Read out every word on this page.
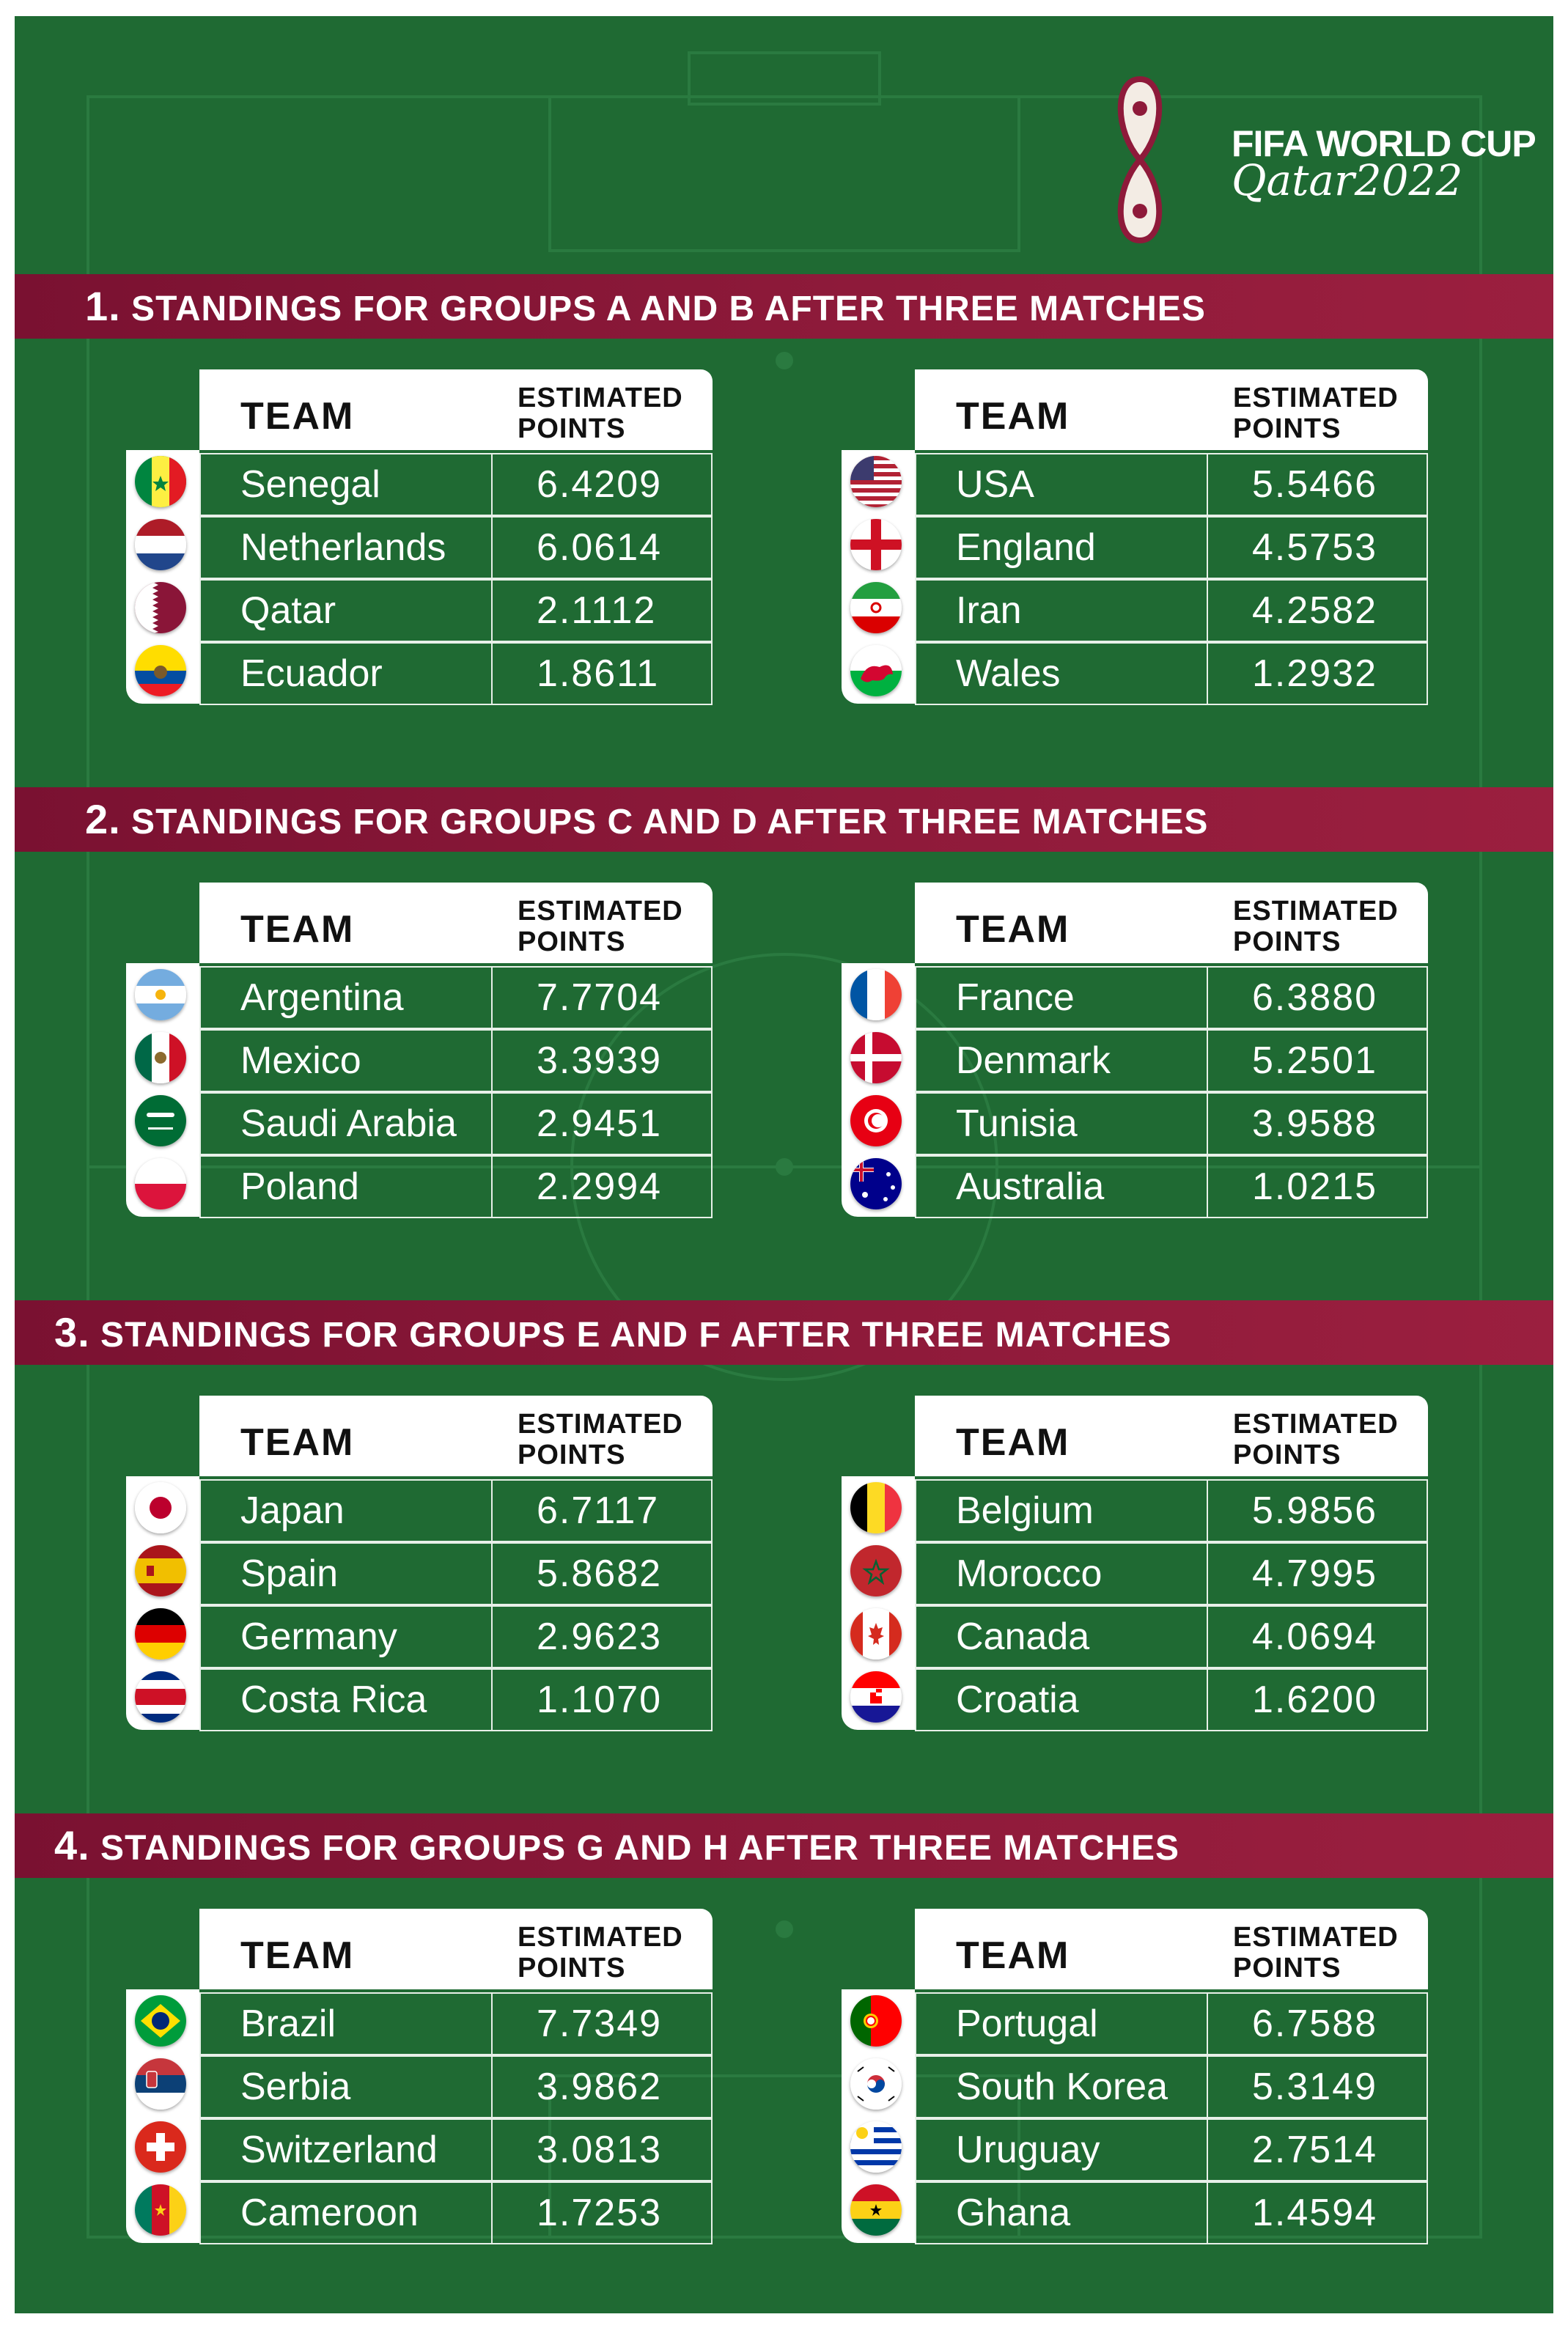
FIFA WORLD CUP
Qatar2022
1. STANDINGS FOR GROUPS A AND B AFTER THREE MATCHES
TEAM	ESTIMATED
POINTS
Senegal	6.4209
Netherlands 6.0614
Qatar	2.1112
Ecuador	1.8611
TEAM	ESTIMATED
POINTS
USA	5.5466
England	4.5753
Iran	4.2582
Wales	1.2932
2. STANDINGS FOR GROUPS C AND D AFTER THREE MATCHES
TEAM	ESTIMATED
POINTS
Argentina	7.7704
Mexico	3.3939
Saudi Arabia 2.9451
Poland	2.2994
TEAM	ESTIMATED
POINTS
France	6.3880
Denmark	5.2501
Tunisia	3.9588
Australia	1.0215
3. STANDINGS FOR GROUPS E AND F AFTER THREE MATCHES
TEAM	ESTIMATED
POINTS
Japan	6.7117
Spain	5.8682
Germany	2.9623
Costa Rica	1.1070
TEAM	ESTIMATED
POINTS
Belgium	5.9856
Morocco	4.7995
Canada	4.0694
Croatia	1.6200
4. STANDINGS FOR GROUPS G AND H AFTER THREE MATCHES
TEAM	ESTIMATED
POINTS
Brazil	7.7349
Serbia	3.9862
Switzerland	3.0813
Cameroon	1.7253
TEAM	ESTIMATED
POINTS
Portugal	6.7588
South Korea 5.3149
Uruguay	2.7514
Ghana	1.4594
